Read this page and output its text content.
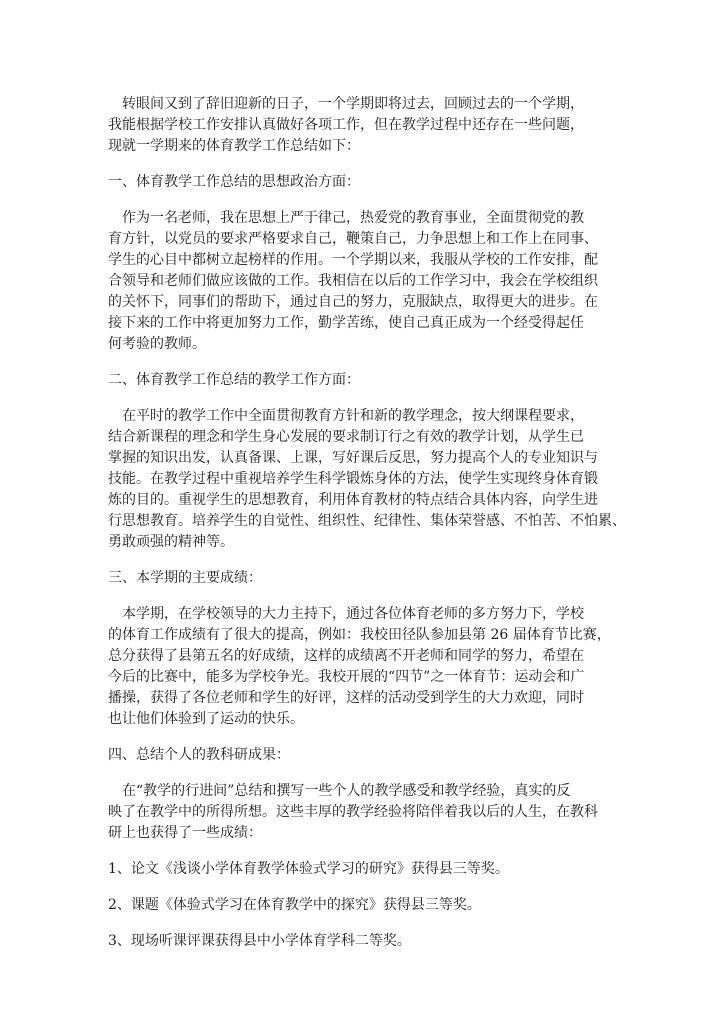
转眼间又到了辞旧迎新的日子，一个学期即将过去，回顾过去的一个学期，
我能根据学校工作安排认真做好各项工作，但在教学过程中还存在一些问题，
现就一学期来的体育教学工作总结如下：
一、体育教学工作总结的思想政治方面：
作为一名老师，我在思想上严于律己，热爱党的教育事业，全面贯彻党的教
育方针，以党员的要求严格要求自己，鞭策自己，力争思想上和工作上在同事、
学生的心目中都树立起榜样的作用。一个学期以来，我服从学校的工作安排，配
合领导和老师们做应该做的工作。我相信在以后的工作学习中，我会在学校组织
的关怀下，同事们的帮助下，通过自己的努力，克服缺点，取得更大的进步。在
接下来的工作中将更加努力工作，勤学苦练，使自己真正成为一个经受得起任
何考验的教师。
二、体育教学工作总结的教学工作方面：
在平时的教学工作中全面贯彻教育方针和新的教学理念，按大纲课程要求，
结合新课程的理念和学生身心发展的要求制订行之有效的教学计划，从学生已
掌握的知识出发，认真备课、上课，写好课后反思，努力提高个人的专业知识与
技能。在教学过程中重视培养学生科学锻炼身体的方法，使学生实现终身体育锻
炼的目的。重视学生的思想教育，利用体育教材的特点结合具体内容，向学生进
行思想教育。培养学生的自觉性、组织性、纪律性、集体荣誉感、不怕苦、不怕累、
勇敢顽强的精神等。
三、本学期的主要成绩：
本学期，在学校领导的大力主持下，通过各位体育老师的多方努力下，学校
的体育工作成绩有了很大的提高，例如：我校田径队参加县第 26 届体育节比赛，
总分获得了县第五名的好成绩，这样的成绩离不开老师和同学的努力，希望在
今后的比赛中，能多为学校争光。我校开展的“四节”之一体育节：运动会和广
播操，获得了各位老师和学生的好评，这样的活动受到学生的大力欢迎，同时
也让他们体验到了运动的快乐。
四、总结个人的教科研成果：
在“教学的行进间”总结和撰写一些个人的教学感受和教学经验，真实的反
映了在教学中的所得所想。这些丰厚的教学经验将陪伴着我以后的人生，在教科
研上也获得了一些成绩：
1、论文《浅谈小学体育教学体验式学习的研究》获得县三等奖。
2、课题《体验式学习在体育教学中的探究》获得县三等奖。
3、现场听课评课获得县中小学体育学科二等奖。
